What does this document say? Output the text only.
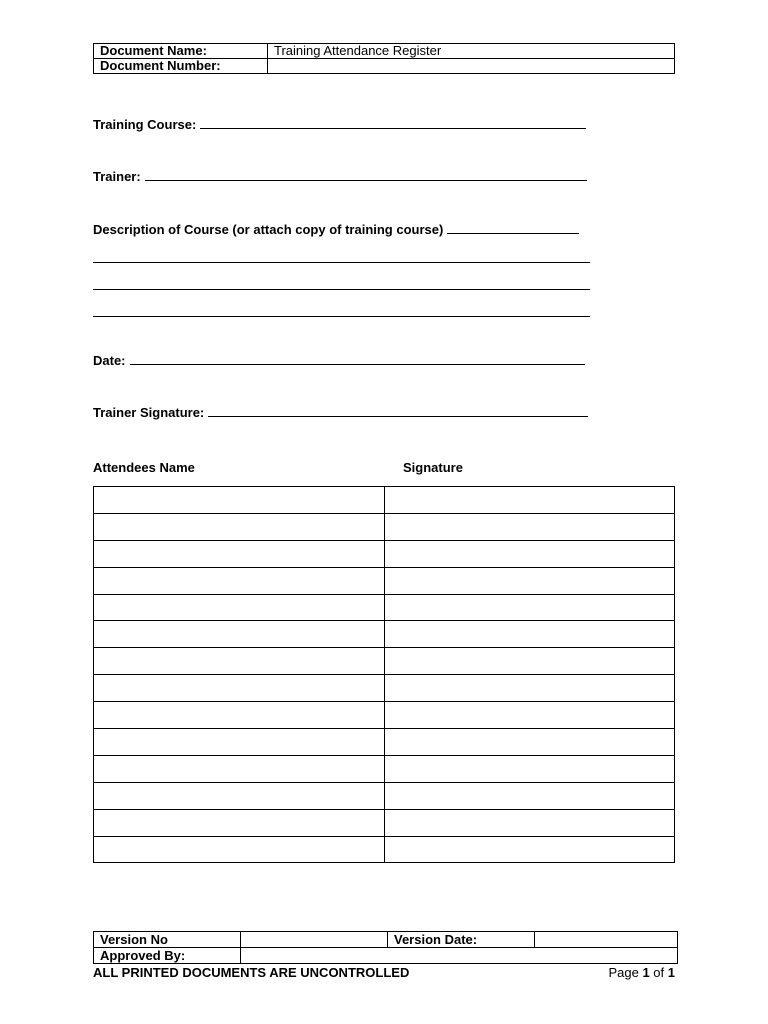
Document Name:	Training Attendance Register
Document Number:	
Training Course:
Trainer:
Description of Course (or attach copy of training course)
Date:
Trainer Signature:
Attendees Name	Signature

Version No		Version Date:	
Approved By:			
ALL PRINTED DOCUMENTS ARE UNCONTROLLED	Page 1 of 1
